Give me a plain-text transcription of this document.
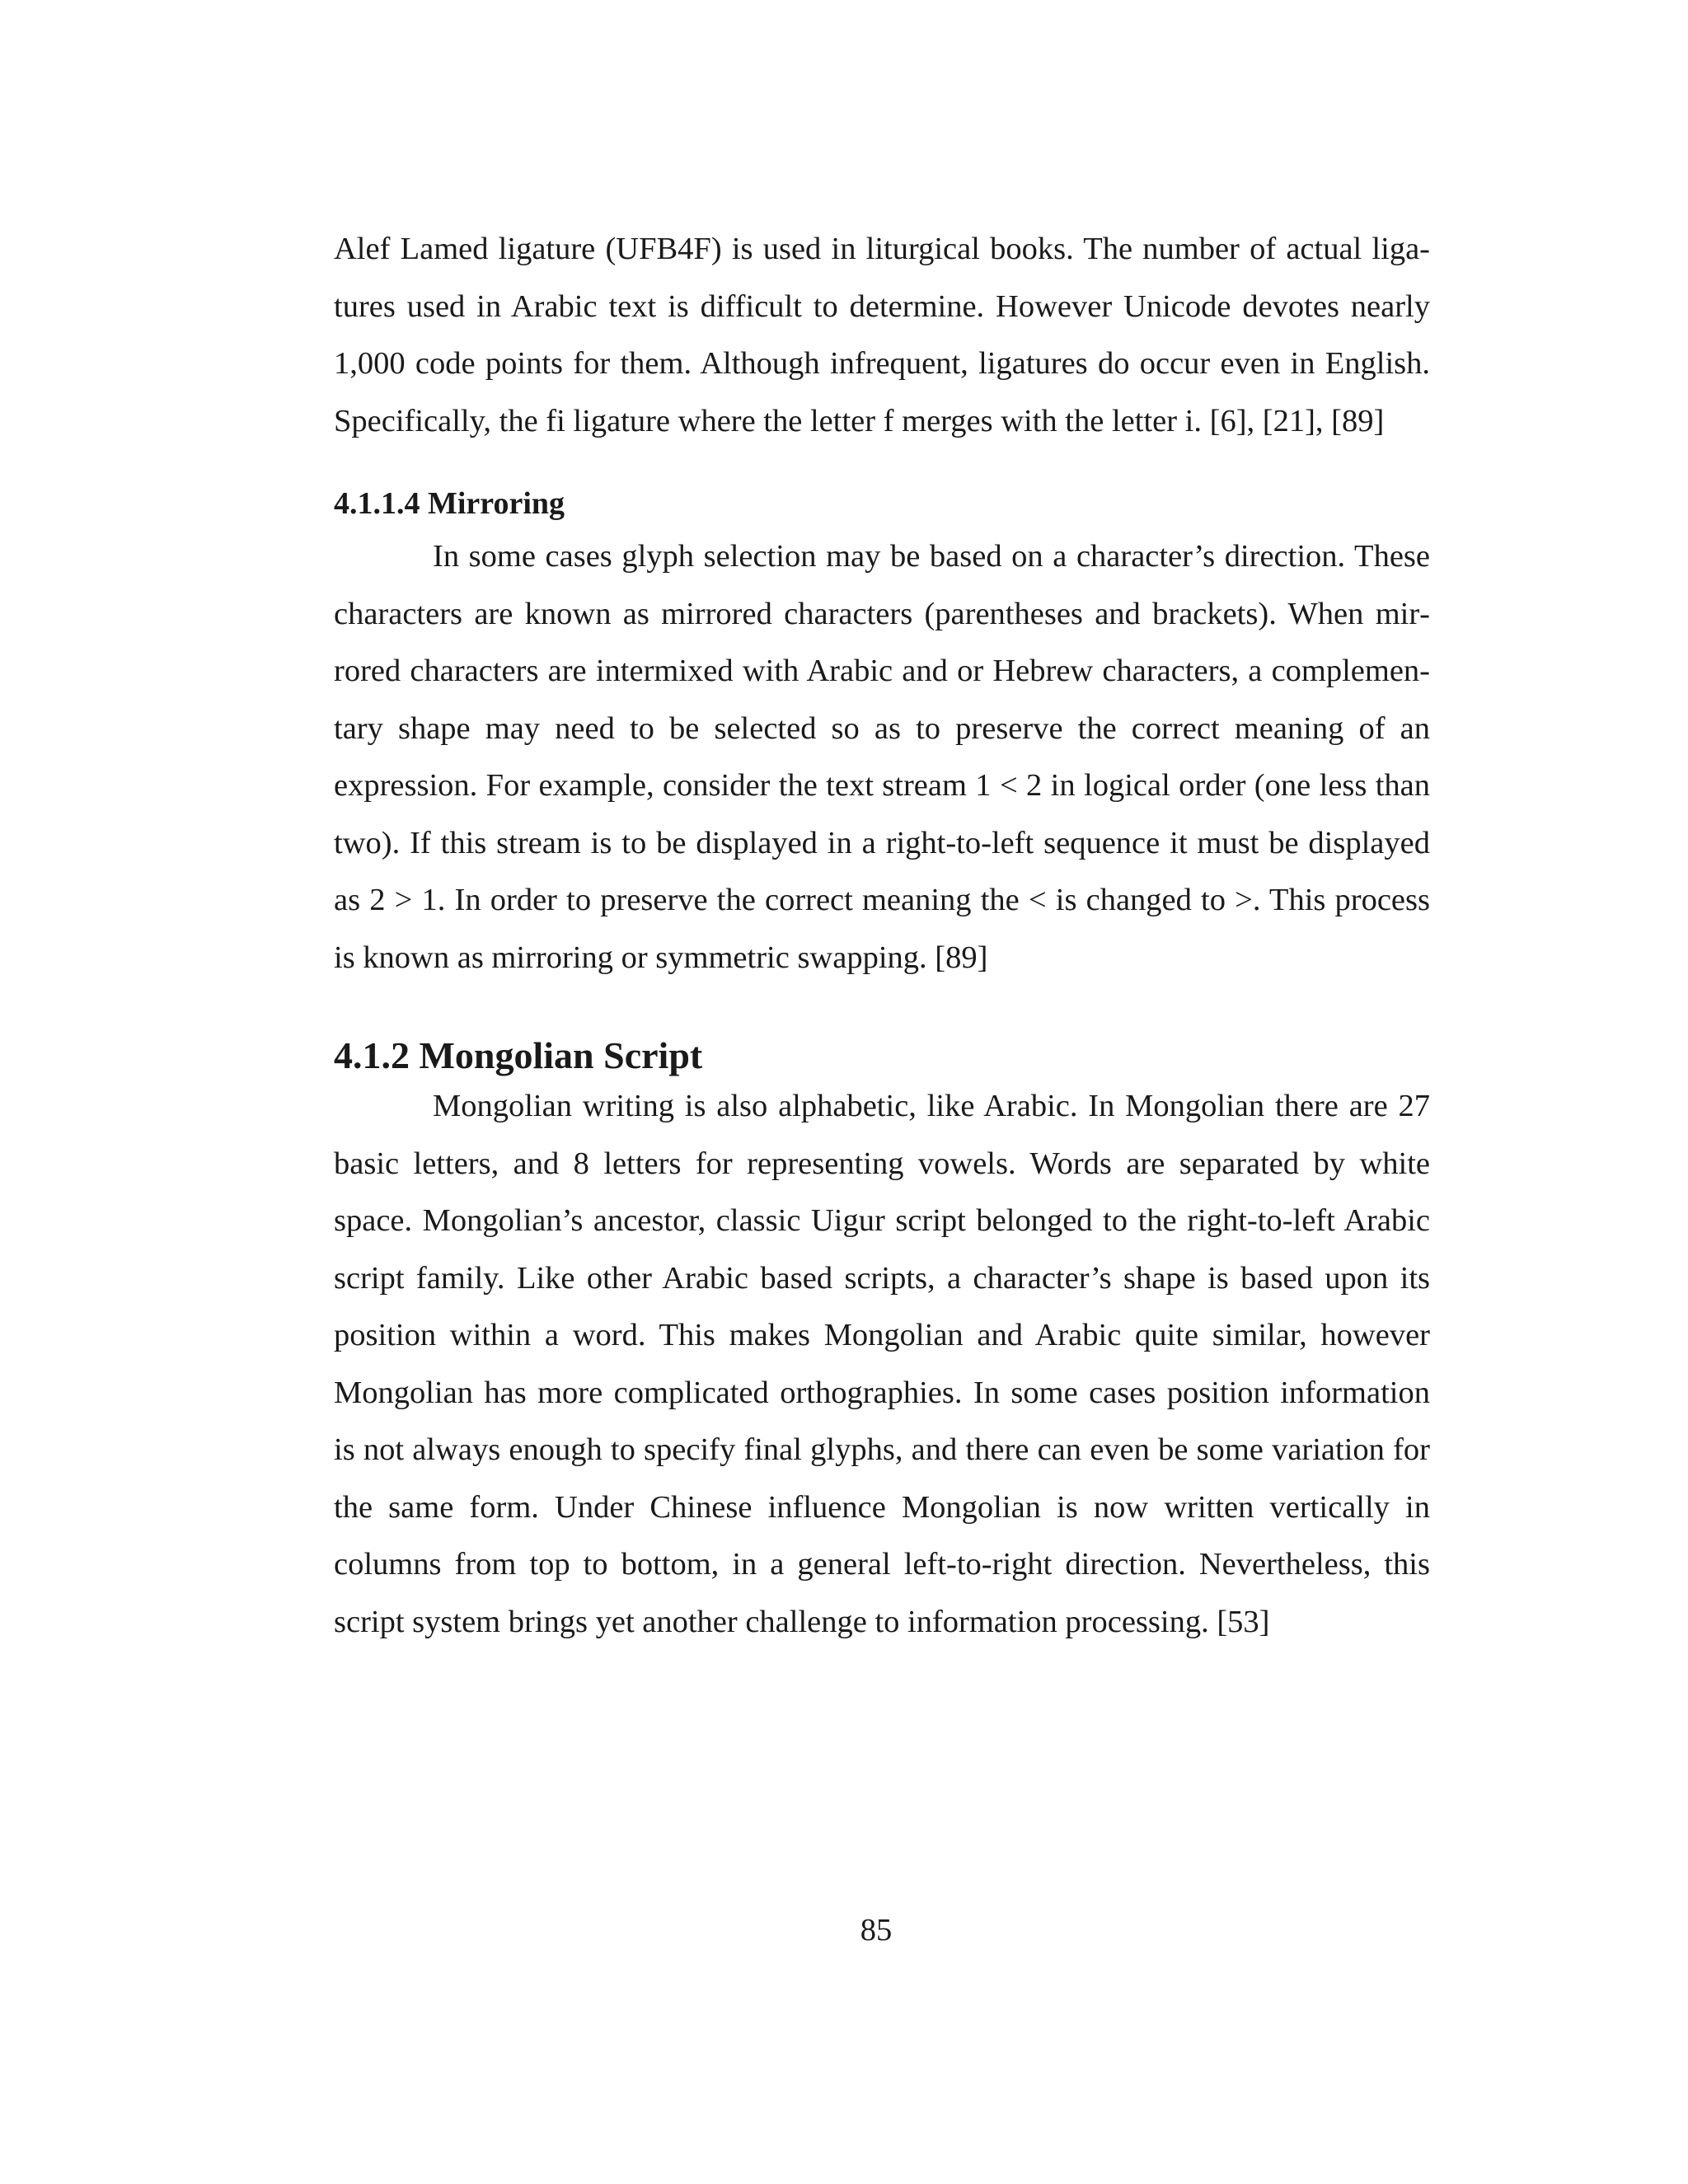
Alef Lamed ligature (UFB4F) is used in liturgical books. The number of actual ligatures used in Arabic text is difficult to determine. However Unicode devotes nearly 1,000 code points for them. Although infrequent, ligatures do occur even in English. Specifically, the fi ligature where the letter f merges with the letter i. [6], [21], [89]

4.1.1.4 Mirroring

In some cases glyph selection may be based on a character’s direction. These characters are known as mirrored characters (parentheses and brackets). When mirrored characters are intermixed with Arabic and or Hebrew characters, a complementary shape may need to be selected so as to preserve the correct meaning of an expression. For example, consider the text stream 1 < 2 in logical order (one less than two). If this stream is to be displayed in a right-to-left sequence it must be displayed as 2 > 1. In order to preserve the correct meaning the < is changed to >. This process is known as mirroring or symmetric swapping. [89]

4.1.2 Mongolian Script

Mongolian writing is also alphabetic, like Arabic. In Mongolian there are 27 basic letters, and 8 letters for representing vowels. Words are separated by white space. Mongolian’s ancestor, classic Uigur script belonged to the right-to-left Arabic script family. Like other Arabic based scripts, a character’s shape is based upon its position within a word. This makes Mongolian and Arabic quite similar, however Mongolian has more complicated orthographies. In some cases position information is not always enough to specify final glyphs, and there can even be some variation for the same form. Under Chinese influence Mongolian is now written vertically in columns from top to bottom, in a general left-to-right direction. Nevertheless, this script system brings yet another challenge to information processing. [53]

85
